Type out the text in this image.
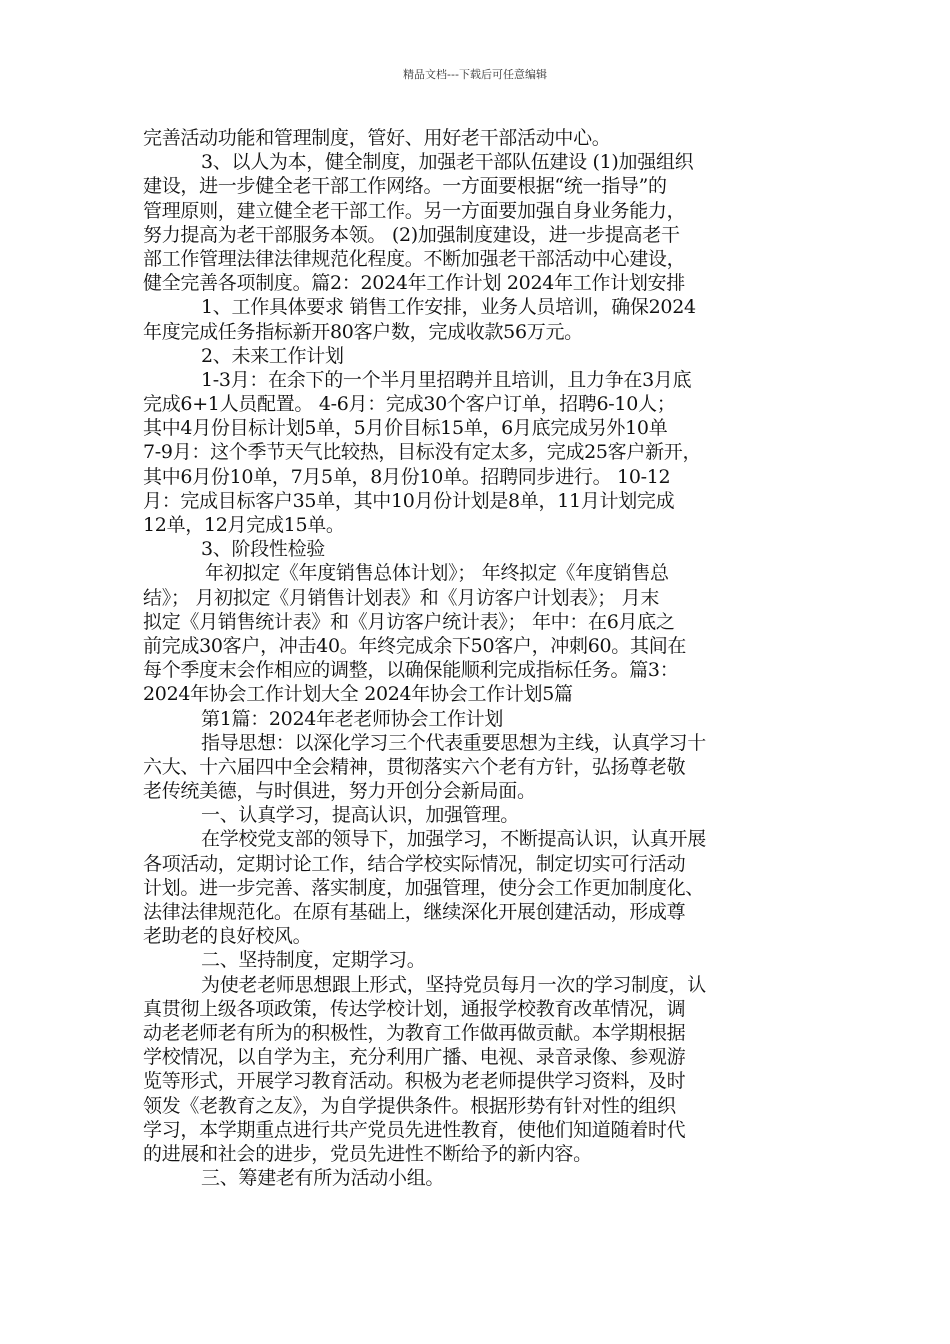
精品文档---下载后可任意编辑
完善活动功能和管理制度，管好、用好老干部活动中心。
3、以人为本，健全制度，加强老干部队伍建设 (1)加强组织
建设，进一步健全老干部工作网络。一方面要根据“统一指导”的
管理原则，建立健全老干部工作。另一方面要加强自身业务能力，
努力提高为老干部服务本领。 (2)加强制度建设，进一步提高老干
部工作管理法律法律规范化程度。不断加强老干部活动中心建设，
健全完善各项制度。篇2：2024年工作计划 2024年工作计划安排
1、工作具体要求 销售工作安排，业务人员培训，确保2024
年度完成任务指标新开80客户数，完成收款56万元。
2、未来工作计划
1-3月：在余下的一个半月里招聘并且培训，且力争在3月底
完成6+1人员配置。 4-6月：完成30个客户订单，招聘6-10人；
其中4月份目标计划5单，5月价目标15单，6月底完成另外10单
7-9月：这个季节天气比较热，目标没有定太多，完成25客户新开，
其中6月份10单，7月5单，8月份10单。招聘同步进行。 10-12
月：完成目标客户35单，其中10月份计划是8单，11月计划完成
12单，12月完成15单。
3、阶段性检验
年初拟定《年度销售总体计划》； 年终拟定《年度销售总
结》； 月初拟定《月销售计划表》和《月访客户计划表》； 月末
拟定《月销售统计表》和《月访客户统计表》； 年中：在6月底之
前完成30客户，冲击40。年终完成余下50客户，冲刺60。其间在
每个季度末会作相应的调整，以确保能顺利完成指标任务。篇3：
2024年协会工作计划大全 2024年协会工作计划5篇
第1篇：2024年老老师协会工作计划
指导思想：以深化学习三个代表重要思想为主线，认真学习十
六大、十六届四中全会精神，贯彻落实六个老有方针，弘扬尊老敬
老传统美德，与时俱进，努力开创分会新局面。
一、认真学习，提高认识，加强管理。
在学校党支部的领导下，加强学习，不断提高认识，认真开展
各项活动，定期讨论工作，结合学校实际情况，制定切实可行活动
计划。进一步完善、落实制度，加强管理，使分会工作更加制度化、
法律法律规范化。在原有基础上，继续深化开展创建活动，形成尊
老助老的良好校风。
二、坚持制度，定期学习。
为使老老师思想跟上形式，坚持党员每月一次的学习制度，认
真贯彻上级各项政策，传达学校计划，通报学校教育改革情况，调
动老老师老有所为的积极性，为教育工作做再做贡献。本学期根据
学校情况，以自学为主，充分利用广播、电视、录音录像、参观游
览等形式，开展学习教育活动。积极为老老师提供学习资料，及时
领发《老教育之友》，为自学提供条件。根据形势有针对性的组织
学习，本学期重点进行共产党员先进性教育，使他们知道随着时代
的进展和社会的进步，党员先进性不断给予的新内容。
三、筹建老有所为活动小组。
